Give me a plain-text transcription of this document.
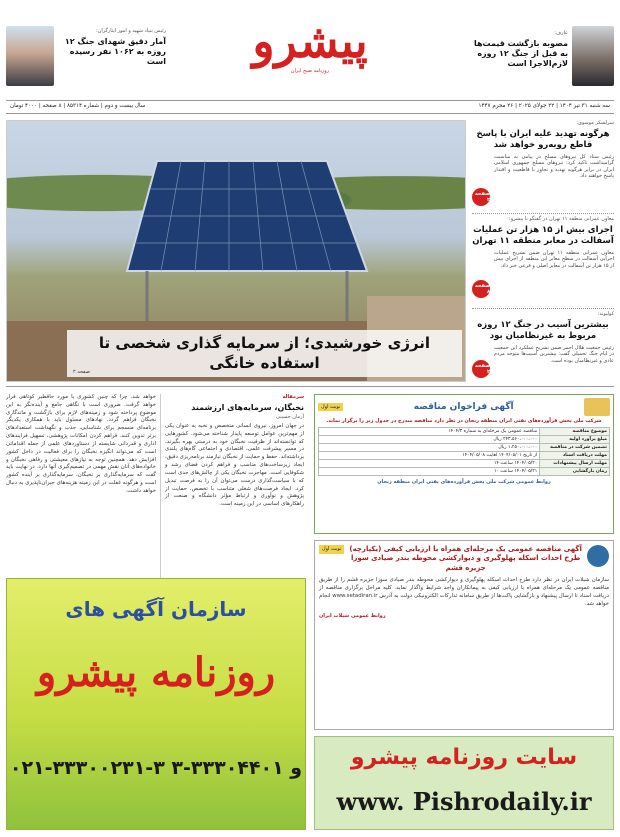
عارف:
مصوبه بازگشت قیمت‌ها به قبل از جنگ ۱۲ روزه لازم‌الاجرا است
پیشرو
روزنامه صبح ایران
رئیس بنیاد شهید و امور ایثارگران:
آمار دقیق شهدای جنگ ۱۲ روزه به ۱۰۶۲ نفر رسیده است
سه شنبه ۳۱ تیر ۱۴۰۴ | ۲۲ جولای ۲۰۲۵ | ۲۶ محرم ۱۴۴۷
سال بیست و دوم | شماره ۸۵۳۱۴ | ۸ صفحه | ۴۰۰۰ تومان
انرژی خورشیدی؛ از سرمایه گذاری شخصی تا استفاده خانگی
صفحه ۲
سرلشکر موسوی:
هرگونه تهدید علیه ایران با پاسخ قاطع روبه‌رو خواهد شد
رئیس ستاد کل نیروهای مسلح در پیامی به مناسبت گرامیداشت تاکید کرد: نیروهای مسلح جمهوری اسلامی ایران در برابر هرگونه تهدید و تجاوز با قاطعیت و اقتدار پاسخ خواهند داد.
صفحه ۲
معاون عمرانی منطقه ۱۱ تهران در گفتگو با پیشرو:
اجرای بیش از ۱۵ هزار تن عملیات آسفالت در معابر منطقه ۱۱ تهران
معاون عمرانی منطقه ۱۱ تهران ضمن تشریح عملیات اجرایی آسفالت در سطح معابر این منطقه از اجرای بیش از ۱۵ هزار تن آسفالت در معابر اصلی و فرعی خبر داد.
صفحه ۸
کولیوند:
بیشترین آسیب در جنگ ۱۲ روزه مربوط به غیرنظامیان بود
رئیس جمعیت هلال احمر ضمن تشریح عملکرد این جمعیت در ایام جنگ تحمیلی گفت: بیشترین آسیب‌ها متوجه مردم عادی و غیرنظامیان بوده است.
صفحه ۲
آگهی فراخوان مناقصه
نوبت اول
شرکت ملی پخش فرآورده‌های نفتی ایران منطقه زنجان در نظر دارد مناقصه مندرج در جدول زیر را برگزار نماید.
موضوع مناقصه	مناقصه عمومی یک مرحله‌ای به شماره ۱۴۰۴/۳
مبلغ برآورد اولیه	۲۴۳،۵۶۰،۰۰۰،۰۰۰ ریال
تضمین شرکت در مناقصه	۱،۲۵۰،۰۰۰،۰۰۰ ریال
مهلت دریافت اسناد	از تاریخ ۱۴۰۴/۰۵/۰۱ لغایت ۱۴۰۴/۰۵/۰۸
مهلت ارسال پیشنهادات	۱۴۰۴/۰۵/۲۰ ساعت ۱۴
زمان بازگشایی	۱۴۰۴/۰۵/۲۱ ساعت ۱۰
روابط عمومی شرکت ملی پخش فرآورده‌های نفتی ایران منطقه زنجان
آگهی مناقصه عمومی یک مرحله‌ای همراه با ارزیابی کیفی (یکپارچه) طرح احداث اسکله پهلوگیری و دیوارکشی محوطه بندر صیادی سوزا جزیره قشم
نوبت اول
سازمان شیلات ایران در نظر دارد طرح احداث اسکله پهلوگیری و دیوارکشی محوطه بندر صیادی سوزا جزیره قشم را از طریق مناقصه عمومی یک مرحله‌ای همراه با ارزیابی کیفی به پیمانکاران واجد شرایط واگذار نماید. کلیه مراحل برگزاری مناقصه از دریافت اسناد تا ارسال پیشنهاد و بازگشایی پاکت‌ها از طریق سامانه تدارکات الکترونیکی دولت به آدرس www.setadiran.ir انجام خواهد شد.
روابط عمومی شیلات ایران
سرمقاله
نخبگان، سرمایه‌های ارزشمند
آرمان حسینی
در جهان امروز، نیروی انسانی متخصص و نخبه به عنوان یکی از مهم‌ترین عوامل توسعه پایدار شناخته می‌شود. کشورهایی که توانسته‌اند از ظرفیت نخبگان خود به درستی بهره بگیرند، در مسیر پیشرفت علمی، اقتصادی و اجتماعی گام‌های بلندی برداشته‌اند. حفظ و حمایت از نخبگان نیازمند برنامه‌ریزی دقیق، ایجاد زیرساخت‌های مناسب و فراهم کردن فضای رشد و شکوفایی است. مهاجرت نخبگان یکی از چالش‌های جدی است که با سیاست‌گذاری درست می‌توان آن را به فرصت تبدیل کرد. ایجاد فرصت‌های شغلی متناسب با تخصص، حمایت از پژوهش و نوآوری و ارتباط مؤثر دانشگاه و صنعت از راهکارهای اساسی در این زمینه است.
خواهد شد. چرا که چنین کشوری با مورد حاقطیر کوتاهی قرار خواهد گرفت. ضروری است با نگاهی جامع و آینده‌نگر به این موضوع پرداخته شود و زمینه‌های لازم برای بازگشت و ماندگاری نخبگان فراهم گردد. نهادهای مسئول باید با همکاری یکدیگر برنامه‌ای منسجم برای شناسایی، جذب و نگهداشت استعدادهای برتر تدوین کنند. فراهم کردن امکانات پژوهشی، تسهیل فرایندهای اداری و قدردانی شایسته از دستاوردهای علمی از جمله اقداماتی است که می‌تواند انگیزه نخبگان را برای فعالیت در داخل کشور افزایش دهد. همچنین توجه به نیازهای معیشتی و رفاهی نخبگان و خانواده‌های آنان نقش مهمی در تصمیم‌گیری آنها دارد. در نهایت باید گفت که سرمایه‌گذاری بر نخبگان، سرمایه‌گذاری بر آینده کشور است و هرگونه غفلت در این زمینه هزینه‌های جبران‌ناپذیری به دنبال خواهد داشت.
سازمان آگهی های
روزنامه پیشرو
۰۲۱-۳۳۳۰۰۲۳۱-۳ و ۳۳۳۰۴۴۰۱-۳	سایت روزنامه پیشرو
www. Pishrodaily.ir
